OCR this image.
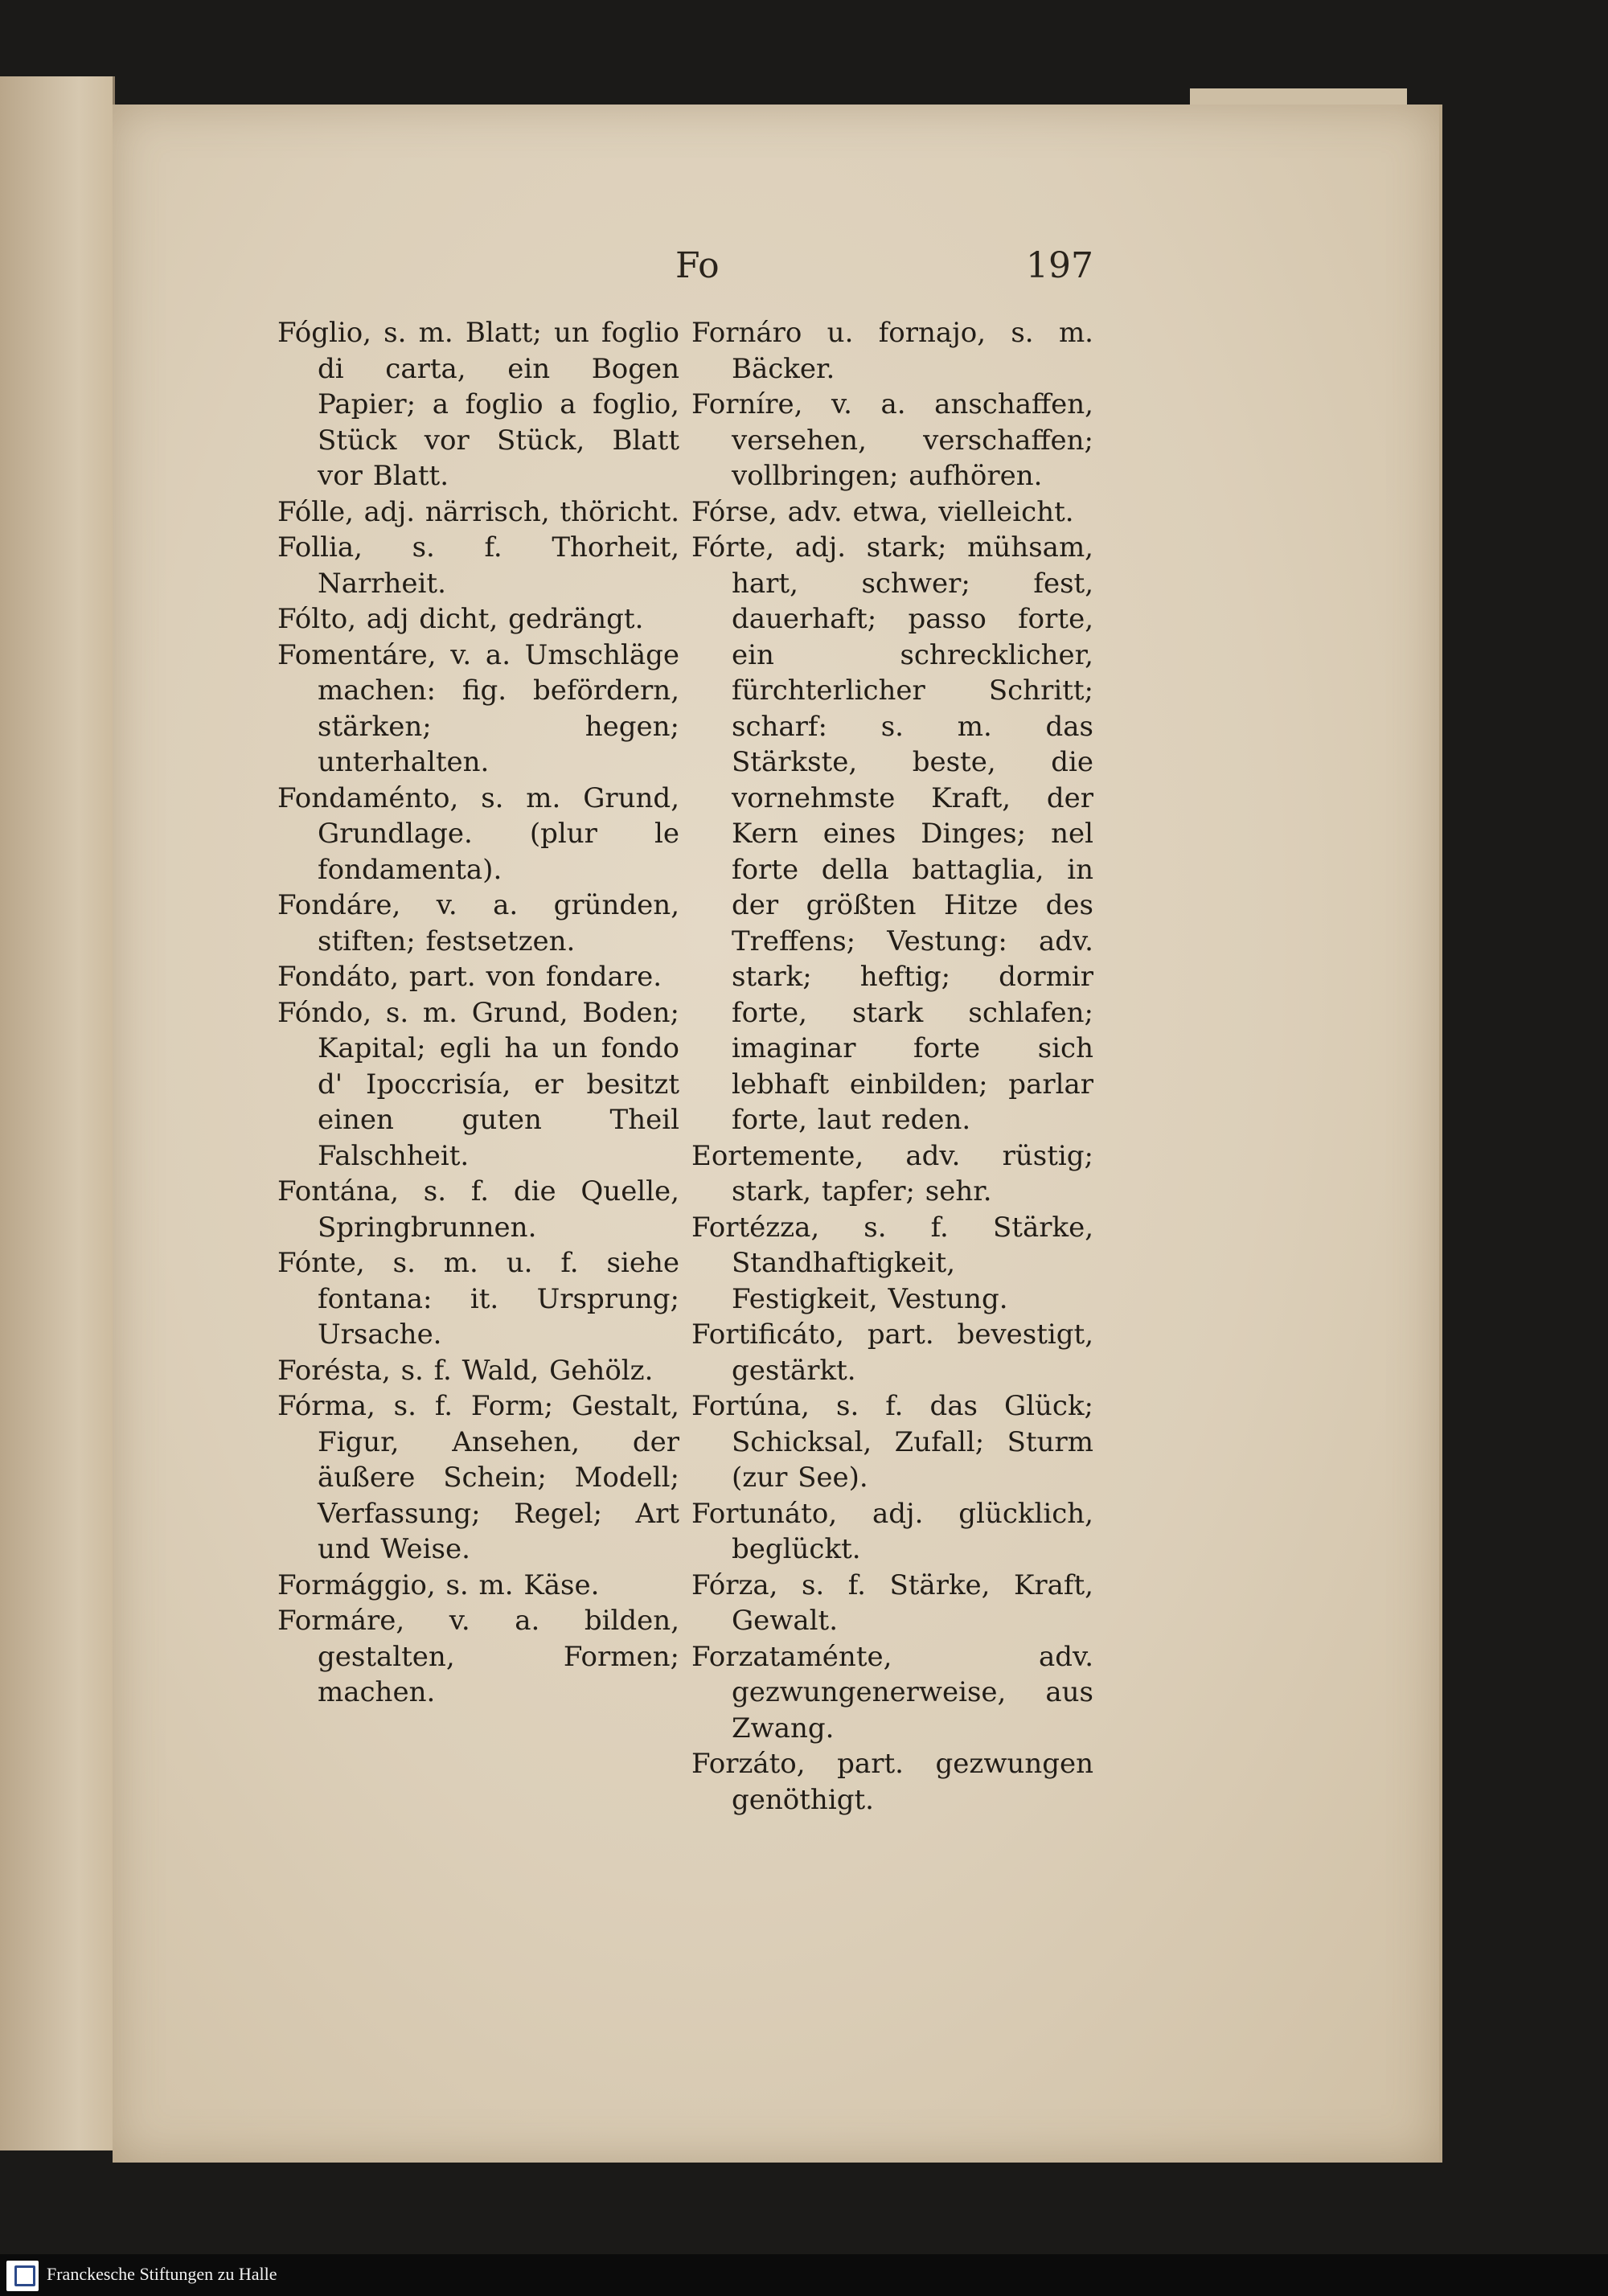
Fo	197

Fóglio, s. m. Blatt; un foglio di carta, ein Bogen Papier; a foglio a foglio, Stück vor Stück, Blatt vor Blatt.

Fólle, adj. närrisch, thöricht.

Follia, s. f. Thorheit, Narrheit.

Fólto, adj dicht, gedrängt.

Fomentáre, v. a. Umschläge machen: fig. befördern, stärken; hegen; unterhalten.

Fondaménto, s. m. Grund, Grundlage. (plur le fondamenta).

Fondáre, v. a. gründen, stiften; festsetzen.

Fondáto, part. von fondare.

Fóndo, s. m. Grund, Boden; Kapital; egli ha un fondo d' Ipoccrisía, er besitzt einen guten Theil Falschheit.

Fontána, s. f. die Quelle, Springbrunnen.

Fónte, s. m. u. f. siehe fontana: it. Ursprung; Ursache.

Forésta, s. f. Wald, Gehölz.

Fórma, s. f. Form; Gestalt, Figur, Ansehen, der äußere Schein; Modell; Verfassung; Regel; Art und Weise.

Formággio, s. m. Käse.

Formáre, v. a. bilden, gestalten, Formen; machen.

Fornáro u. fornajo, s. m. Bäcker.

Forníre, v. a. anschaffen, versehen, verschaffen; vollbringen; aufhören.

Fórse, adv. etwa, vielleicht.

Fórte, adj. stark; mühsam, hart, schwer; fest, dauerhaft; passo forte, ein schrecklicher, fürchterlicher Schritt; scharf: s. m. das Stärkste, beste, die vornehmste Kraft, der Kern eines Dinges; nel forte della battaglia, in der größten Hitze des Treffens; Vestung: adv. stark; heftig; dormir forte, stark schlafen; imaginar forte sich lebhaft einbilden; parlar forte, laut reden.

Eortemente, adv. rüstig; stark, tapfer; sehr.

Fortézza, s. f. Stärke, Standhaftigkeit, Festigkeit, Vestung.

Fortificáto, part. bevestigt, gestärkt.

Fortúna, s. f. das Glück; Schicksal, Zufall; Sturm (zur See).

Fortunáto, adj. glücklich, beglückt.

Fórza, s. f. Stärke, Kraft, Gewalt.

Forzataménte, adv. gezwungenerweise, aus Zwang.

Forzáto, part. gezwungen genöthigt.

Franckesche Stiftungen zu Halle
